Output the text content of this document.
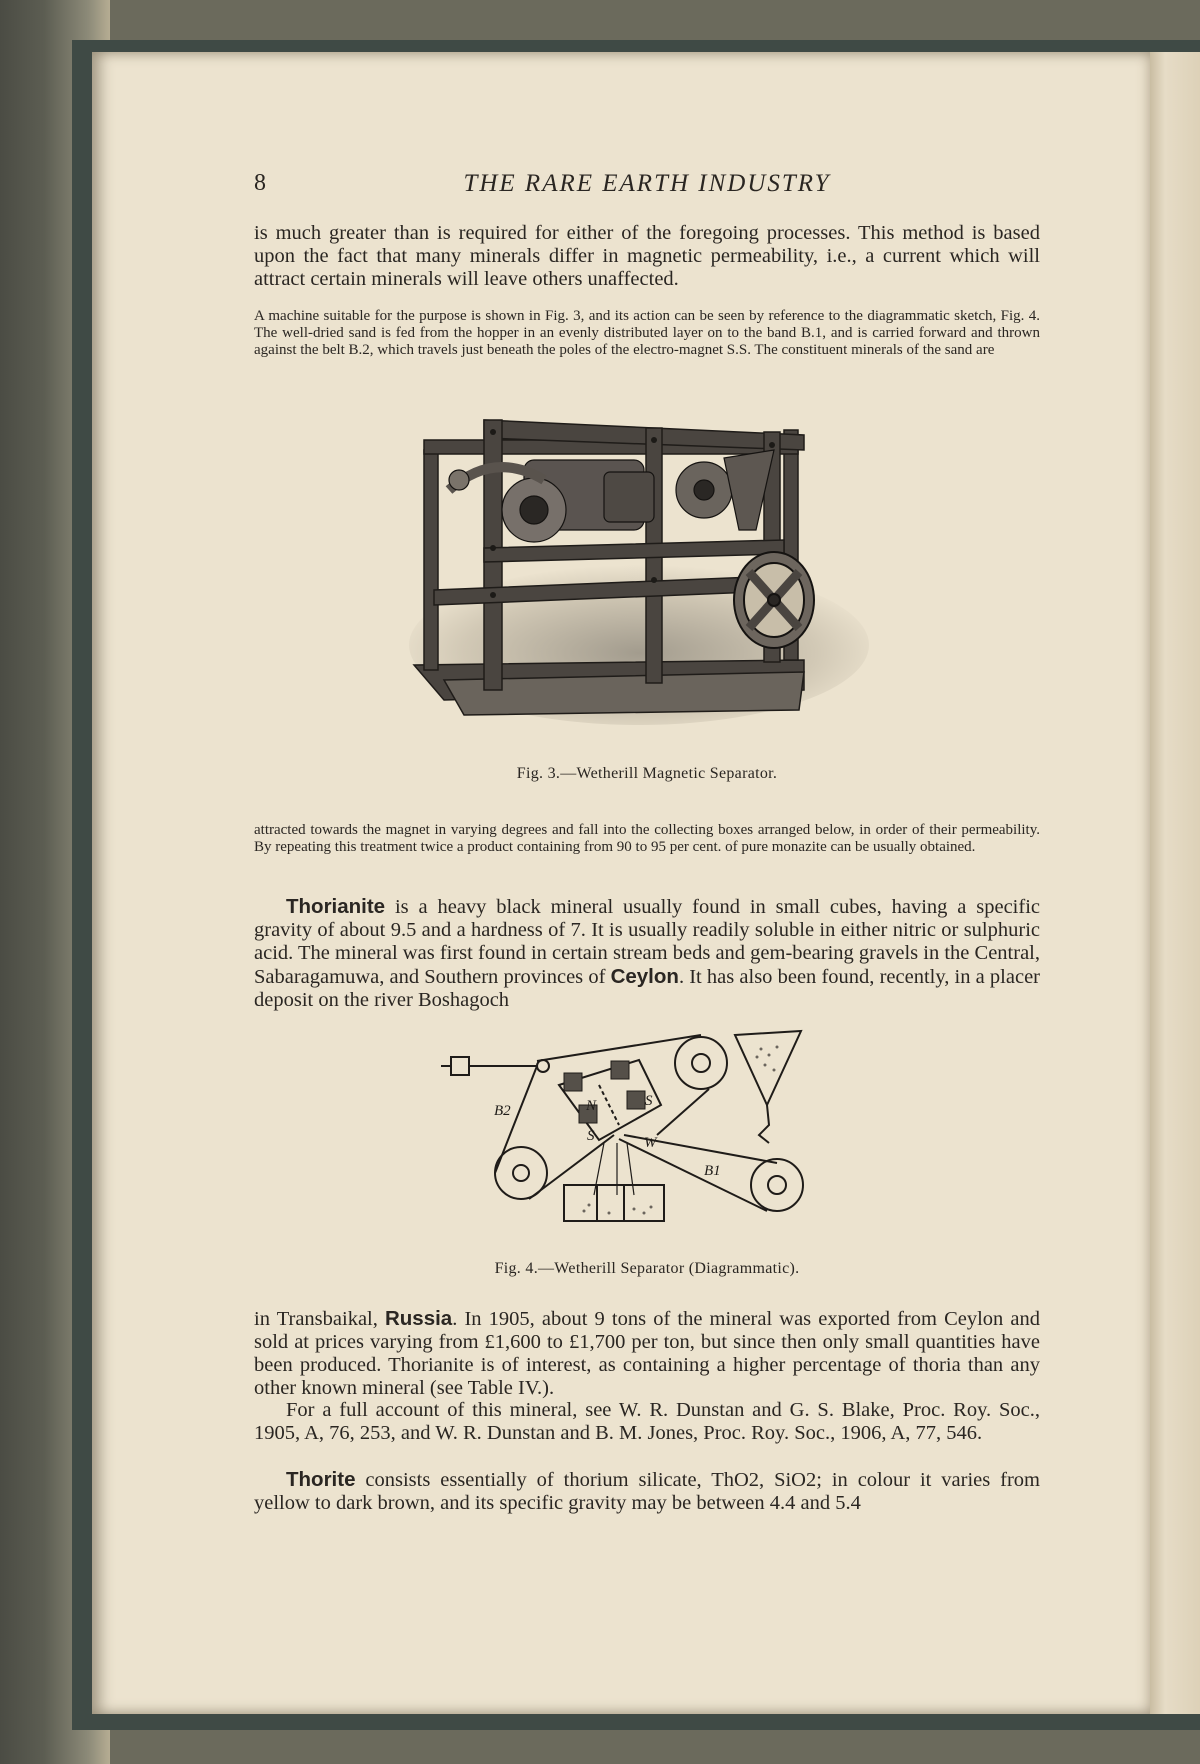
8	THE RARE EARTH INDUSTRY

is much greater than is required for either of the foregoing processes. This method is based upon the fact that many minerals differ in magnetic permeability, i.e., a current which will attract certain minerals will leave others unaffected.

A machine suitable for the purpose is shown in Fig. 3, and its action can be seen by reference to the diagrammatic sketch, Fig. 4. The well-dried sand is fed from the hopper in an evenly distributed layer on to the band B.1, and is carried forward and thrown against the belt B.2, which travels just beneath the poles of the electro-magnet S.S. The constituent minerals of the sand are

Fig. 3.—Wetherill Magnetic Separator.

attracted towards the magnet in varying degrees and fall into the collecting boxes arranged below, in order of their permeability. By repeating this treatment twice a product containing from 90 to 95 per cent. of pure monazite can be usually obtained.

Thorianite is a heavy black mineral usually found in small cubes, having a specific gravity of about 9.5 and a hardness of 7. It is usually readily soluble in either nitric or sulphuric acid. The mineral was first found in certain stream beds and gem-bearing gravels in the Central, Sabaragamuwa, and Southern provinces of Ceylon. It has also been found, recently, in a placer deposit on the river Boshagoch

B2	N	S
S	W
B1
Fig. 4.—Wetherill Separator (Diagrammatic).

in Transbaikal, Russia. In 1905, about 9 tons of the mineral was exported from Ceylon and sold at prices varying from £1,600 to £1,700 per ton, but since then only small quantities have been produced. Thorianite is of interest, as containing a higher percentage of thoria than any other known mineral (see Table IV.).

For a full account of this mineral, see W. R. Dunstan and G. S. Blake, Proc. Roy. Soc., 1905, A, 76, 253, and W. R. Dunstan and B. M. Jones, Proc. Roy. Soc., 1906, A, 77, 546.

Thorite consists essentially of thorium silicate, ThO2, SiO2; in colour it varies from yellow to dark brown, and its specific gravity may be between 4.4 and 5.4
